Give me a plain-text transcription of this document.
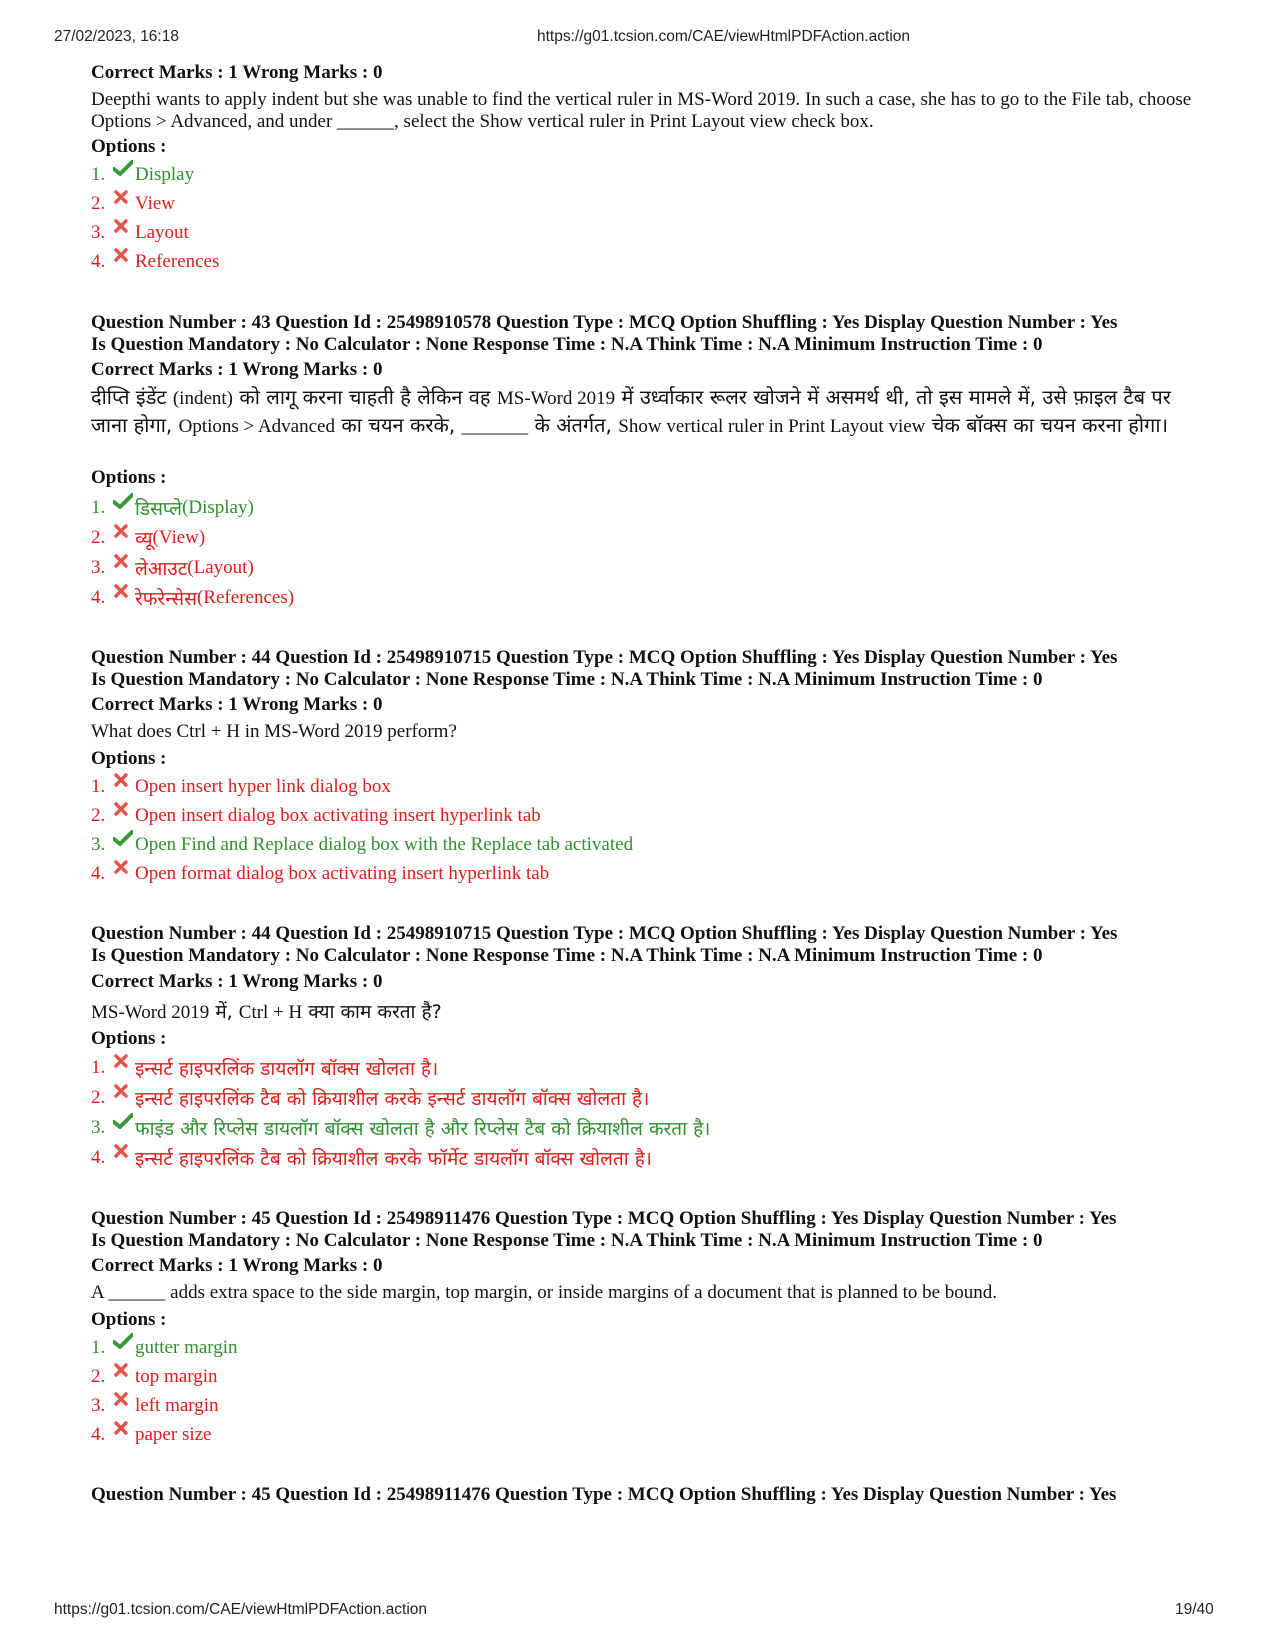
27/02/2023, 16:18	https://g01.tcsion.com/CAE/viewHtmlPDFAction.action
Correct Marks : 1 Wrong Marks : 0
Deepthi wants to apply indent but she was unable to find the vertical ruler in MS-Word 2019. In such a case, she has to go to the File tab, choose Options > Advanced, and under ______, select the Show vertical ruler in Print Layout view check box.
Options :
1.	Display
2.	View
3.	Layout
4.	References
Question Number : 43 Question Id : 25498910578 Question Type : MCQ Option Shuffling : Yes Display Question Number : Yes
Is Question Mandatory : No Calculator : None Response Time : N.A Think Time : N.A Minimum Instruction Time : 0
Correct Marks : 1 Wrong Marks : 0
दीप्ति इंडेंट (indent) को लागू करना चाहती है लेकिन वह MS-Word 2019 में उर्ध्वाकार रूलर खोजने में असमर्थ थी, तो इस मामले में, उसे फ़ाइल टैब पर जाना होगा, Options > Advanced का चयन करके, _______ के अंतर्गत, Show vertical ruler in Print Layout view चेक बॉक्स का चयन करना होगा।
Options :
1.	डिसप्ले (Display)
2.	व्यू (View)
3.	लेआउट (Layout)
4.	रेफरेन्सेस (References)
Question Number : 44 Question Id : 25498910715 Question Type : MCQ Option Shuffling : Yes Display Question Number : Yes
Is Question Mandatory : No Calculator : None Response Time : N.A Think Time : N.A Minimum Instruction Time : 0
Correct Marks : 1 Wrong Marks : 0
What does Ctrl + H in MS-Word 2019 perform?
Options :
1.	Open insert hyper link dialog box
2.	Open insert dialog box activating insert hyperlink tab
3.	Open Find and Replace dialog box with the Replace tab activated
4.	Open format dialog box activating insert hyperlink tab
Question Number : 44 Question Id : 25498910715 Question Type : MCQ Option Shuffling : Yes Display Question Number : Yes
Is Question Mandatory : No Calculator : None Response Time : N.A Think Time : N.A Minimum Instruction Time : 0
Correct Marks : 1 Wrong Marks : 0
MS-Word 2019 में, Ctrl + H क्या काम करता है?
Options :
1.	इन्सर्ट हाइपरलिंक डायलॉग बॉक्स खोलता है।
2.	इन्सर्ट हाइपरलिंक टैब को क्रियाशील करके इन्सर्ट डायलॉग बॉक्स खोलता है।
3.	फाइंड और रिप्लेस डायलॉग बॉक्स खोलता है और रिप्लेस टैब को क्रियाशील करता है।
4.	इन्सर्ट हाइपरलिंक टैब को क्रियाशील करके फॉर्मेट डायलॉग बॉक्स खोलता है।
Question Number : 45 Question Id : 25498911476 Question Type : MCQ Option Shuffling : Yes Display Question Number : Yes
Is Question Mandatory : No Calculator : None Response Time : N.A Think Time : N.A Minimum Instruction Time : 0
Correct Marks : 1 Wrong Marks : 0
A ______ adds extra space to the side margin, top margin, or inside margins of a document that is planned to be bound.
Options :
1.	gutter margin
2.	top margin
3.	left margin
4.	paper size
Question Number : 45 Question Id : 25498911476 Question Type : MCQ Option Shuffling : Yes Display Question Number : Yes
https://g01.tcsion.com/CAE/viewHtmlPDFAction.action	19/40
